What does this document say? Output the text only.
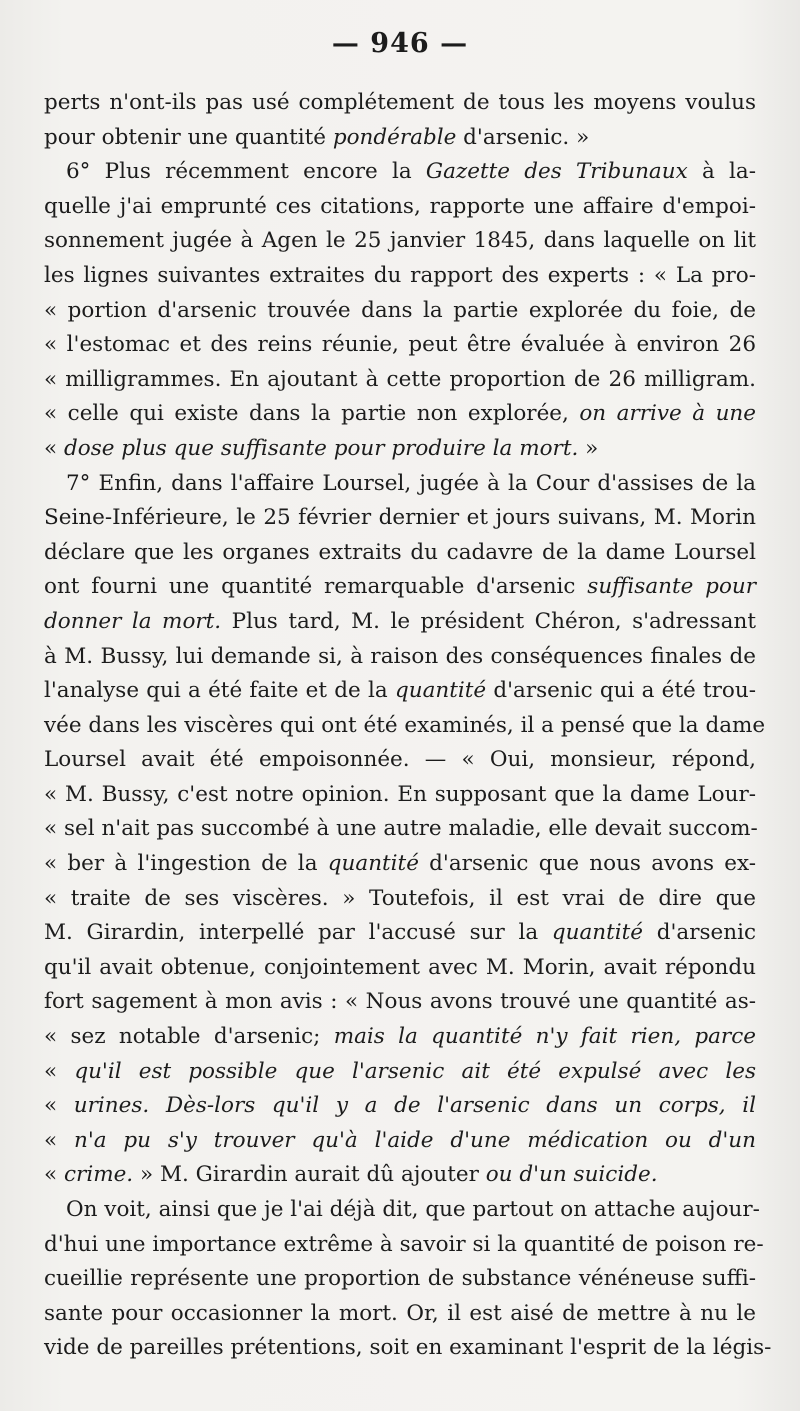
— 946 —
perts n'ont-ils pas usé complétement de tous les moyens voulus
pour obtenir une quantité pondérable d'arsenic. »
6° Plus récemment encore la Gazette des Tribunaux à la-
quelle j'ai emprunté ces citations, rapporte une affaire d'empoi-
sonnement jugée à Agen le 25 janvier 1845, dans laquelle on lit
les lignes suivantes extraites du rapport des experts : « La pro-
« portion d'arsenic trouvée dans la partie explorée du foie, de
« l'estomac et des reins réunie, peut être évaluée à environ 26
« milligrammes. En ajoutant à cette proportion de 26 milligram.
« celle qui existe dans la partie non explorée, on arrive à une
« dose plus que suffisante pour produire la mort. »
7° Enfin, dans l'affaire Loursel, jugée à la Cour d'assises de la
Seine-Inférieure, le 25 février dernier et jours suivans, M. Morin
déclare que les organes extraits du cadavre de la dame Loursel
ont fourni une quantité remarquable d'arsenic suffisante pour
donner la mort. Plus tard, M. le président Chéron, s'adressant
à M. Bussy, lui demande si, à raison des conséquences finales de
l'analyse qui a été faite et de la quantité d'arsenic qui a été trou-
vée dans les viscères qui ont été examinés, il a pensé que la dame
Loursel avait été empoisonnée. — « Oui, monsieur, répond,
« M. Bussy, c'est notre opinion. En supposant que la dame Lour-
« sel n'ait pas succombé à une autre maladie, elle devait succom-
« ber à l'ingestion de la quantité d'arsenic que nous avons ex-
« traite de ses viscères. » Toutefois, il est vrai de dire que
M. Girardin, interpellé par l'accusé sur la quantité d'arsenic
qu'il avait obtenue, conjointement avec M. Morin, avait répondu
fort sagement à mon avis : « Nous avons trouvé une quantité as-
« sez notable d'arsenic; mais la quantité n'y fait rien, parce
« qu'il est possible que l'arsenic ait été expulsé avec les
« urines. Dès-lors qu'il y a de l'arsenic dans un corps, il
« n'a pu s'y trouver qu'à l'aide d'une médication ou d'un
« crime. » M. Girardin aurait dû ajouter ou d'un suicide.
On voit, ainsi que je l'ai déjà dit, que partout on attache aujour-
d'hui une importance extrême à savoir si la quantité de poison re-
cueillie représente une proportion de substance vénéneuse suffi-
sante pour occasionner la mort. Or, il est aisé de mettre à nu le
vide de pareilles prétentions, soit en examinant l'esprit de la légis-
